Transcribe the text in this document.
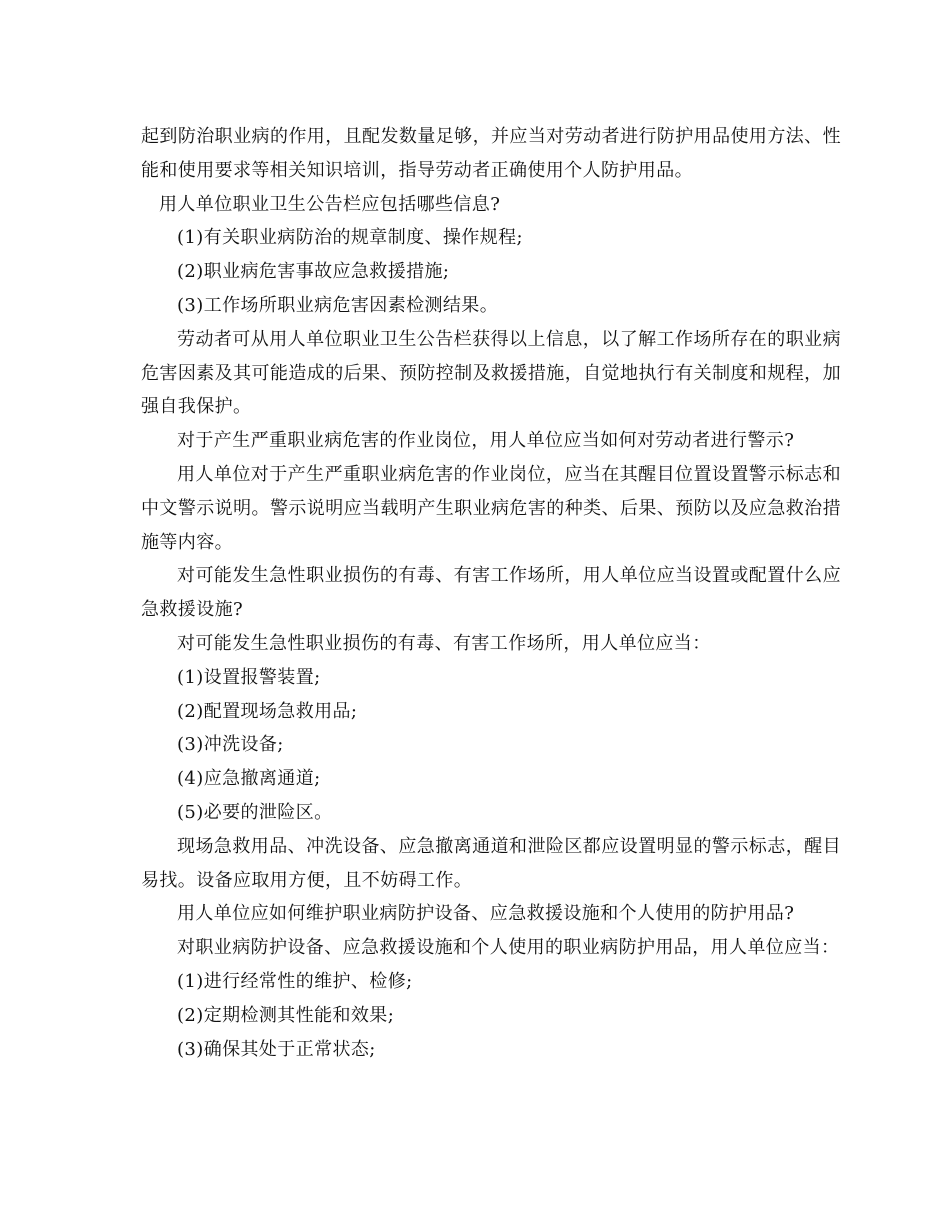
起到防治职业病的作用，且配发数量足够，并应当对劳动者进行防护用品使用方法、性能和使用要求等相关知识培训，指导劳动者正确使用个人防护用品。

用人单位职业卫生公告栏应包括哪些信息?

(1)有关职业病防治的规章制度、操作规程;

(2)职业病危害事故应急救援措施;

(3)工作场所职业病危害因素检测结果。

劳动者可从用人单位职业卫生公告栏获得以上信息，以了解工作场所存在的职业病危害因素及其可能造成的后果、预防控制及救援措施，自觉地执行有关制度和规程，加强自我保护。

对于产生严重职业病危害的作业岗位，用人单位应当如何对劳动者进行警示?

用人单位对于产生严重职业病危害的作业岗位，应当在其醒目位置设置警示标志和中文警示说明。警示说明应当载明产生职业病危害的种类、后果、预防以及应急救治措施等内容。

对可能发生急性职业损伤的有毒、有害工作场所，用人单位应当设置或配置什么应急救援设施?

对可能发生急性职业损伤的有毒、有害工作场所，用人单位应当：

(1)设置报警装置;

(2)配置现场急救用品;

(3)冲洗设备;

(4)应急撤离通道;

(5)必要的泄险区。

现场急救用品、冲洗设备、应急撤离通道和泄险区都应设置明显的警示标志，醒目易找。设备应取用方便，且不妨碍工作。

用人单位应如何维护职业病防护设备、应急救援设施和个人使用的防护用品?

对职业病防护设备、应急救援设施和个人使用的职业病防护用品，用人单位应当：

(1)进行经常性的维护、检修;

(2)定期检测其性能和效果;

(3)确保其处于正常状态;
